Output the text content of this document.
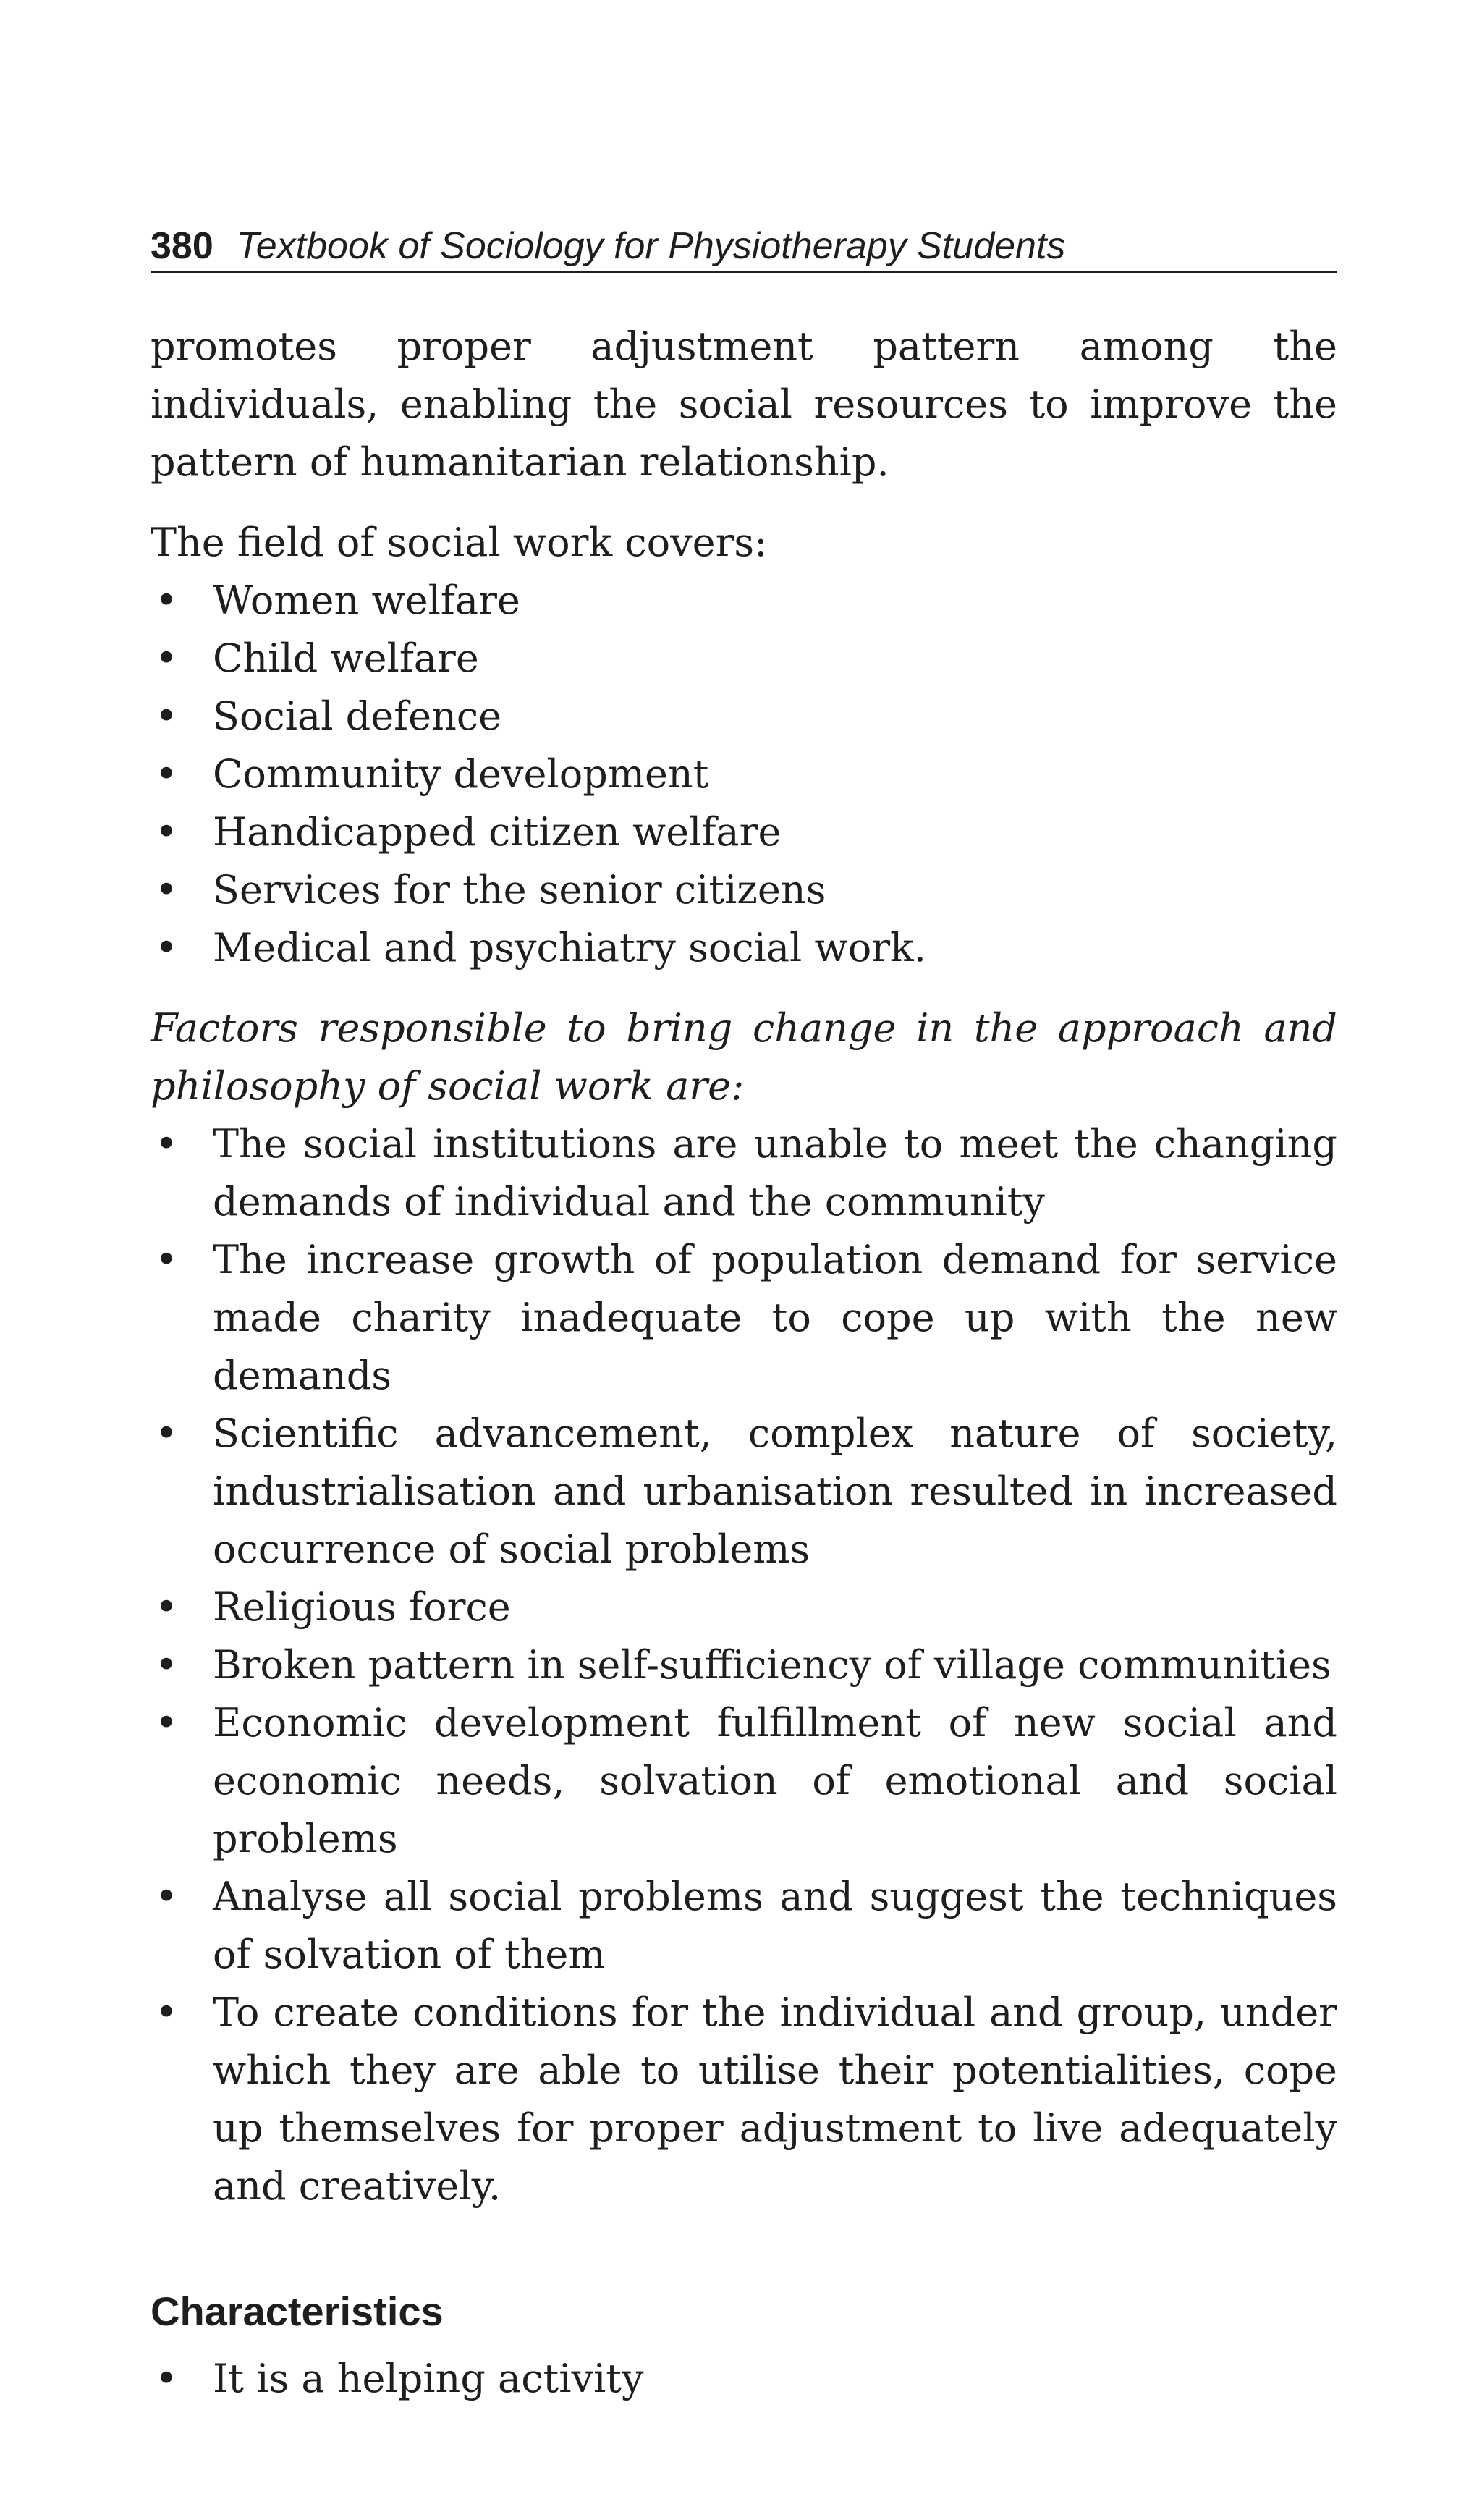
380 Textbook of Sociology for Physiotherapy Students

promotes proper adjustment pattern among the individuals, enabling the social resources to improve the pattern of humanitarian relationship.

The field of social work covers:

• Women welfare
• Child welfare
• Social defence
• Community development
• Handicapped citizen welfare
• Services for the senior citizens
• Medical and psychiatry social work.

Factors responsible to bring change in the approach and philosophy of social work are:

• The social institutions are unable to meet the changing demands of individual and the community
• The increase growth of population demand for service made charity inadequate to cope up with the new demands
• Scientific advancement, complex nature of society, industrialisation and urbanisation resulted in increased occurrence of social problems
• Religious force
• Broken pattern in self-sufficiency of village communities
• Economic development fulfillment of new social and economic needs, solvation of emotional and social problems
• Analyse all social problems and suggest the techniques of solvation of them
• To create conditions for the individual and group, under which they are able to utilise their potentialities, cope up themselves for proper adjustment to live adequately and creatively.
Characteristics
• It is a helping activity
